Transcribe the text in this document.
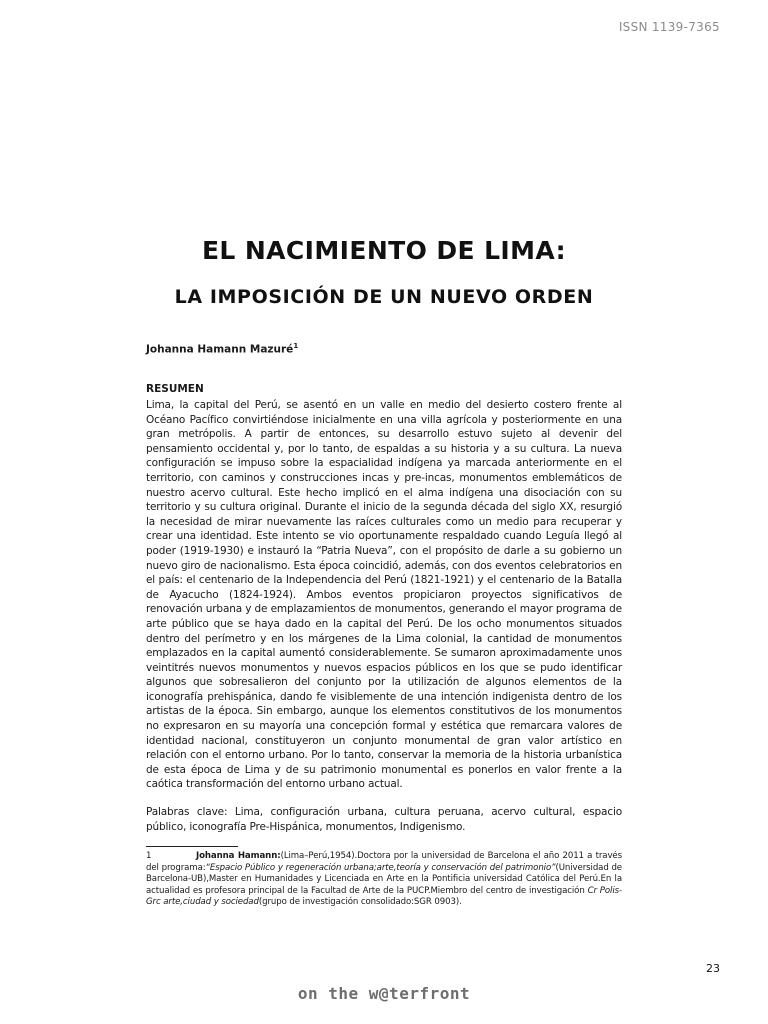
ISSN 1139-7365
EL NACIMIENTO DE LIMA:
LA IMPOSICIÓN DE UN NUEVO ORDEN
Johanna Hamann Mazuré$^1$
RESUMEN

Lima, la capital del Perú, se asentó en un valle en medio del desierto costero frente al Océano Pacífico convirtiéndose inicialmente en una villa agrícola y posteriormente en una gran metrópolis. A partir de entonces, su desarrollo estuvo sujeto al devenir del pensamiento occidental y, por lo tanto, de espaldas a su historia y a su cultura. La nueva configuración se impuso sobre la espacialidad indígena ya marcada anteriormente en el territorio, con caminos y construcciones incas y pre-incas, monumentos emblemáticos de nuestro acervo cultural. Este hecho implicó en el alma indígena una disociación con su territorio y su cultura original. Durante el inicio de la segunda década del siglo XX, resurgió la necesidad de mirar nuevamente las raíces culturales como un medio para recuperar y crear una identidad. Este intento se vio oportunamente respaldado cuando Leguía llegó al poder (1919-1930) e instauró la “Patria Nueva”, con el propósito de darle a su gobierno un nuevo giro de nacionalismo. Esta época coincidió, además, con dos eventos celebratorios en el país: el centenario de la Independencia del Perú (1821-1921) y el centenario de la Batalla de Ayacucho (1824-1924). Ambos eventos propiciaron proyectos significativos de renovación urbana y de emplazamientos de monumentos, generando el mayor programa de arte público que se haya dado en la capital del Perú. De los ocho monumentos situados dentro del perímetro y en los márgenes de la Lima colonial, la cantidad de monumentos emplazados en la capital aumentó considerablemente. Se sumaron aproximadamente unos veintitrés nuevos monumentos y nuevos espacios públicos en los que se pudo identificar algunos que sobresalieron del conjunto por la utilización de algunos elementos de la iconografía prehispánica, dando fe visiblemente de una intención indigenista dentro de los artistas de la época. Sin embargo, aunque los elementos constitutivos de los monumentos no expresaron en su mayoría una concepción formal y estética que remarcara valores de identidad nacional, constituyeron un conjunto monumental de gran valor artístico en relación con el entorno urbano. Por lo tanto, conservar la memoria de la historia urbanística de esta época de Lima y de su patrimonio monumental es ponerlos en valor frente a la caótica transformación del entorno urbano actual.

Palabras clave: Lima, configuración urbana, cultura peruana, acervo cultural, espacio público, iconografía Pre-Hispánica, monumentos, Indigenismo.

1	Johanna Hamann:(Lima–Perú,1954).Doctora por la universidad de Barcelona el año 2011 a través del programa:“Espacio Público y regeneración urbana;arte,teoría y conservación del patrimonio”(Universidad de Barcelona-UB),Master en Humanidades y Licenciada en Arte en la Pontificia universidad Católica del Perú.En la actualidad es profesora principal de la Facultad de Arte de la PUCP.Miembro del centro de investigación Cr Polis-Grc arte,ciudad y sociedad(grupo de investigación consolidado:SGR 0903).

23
on the w@terfront
